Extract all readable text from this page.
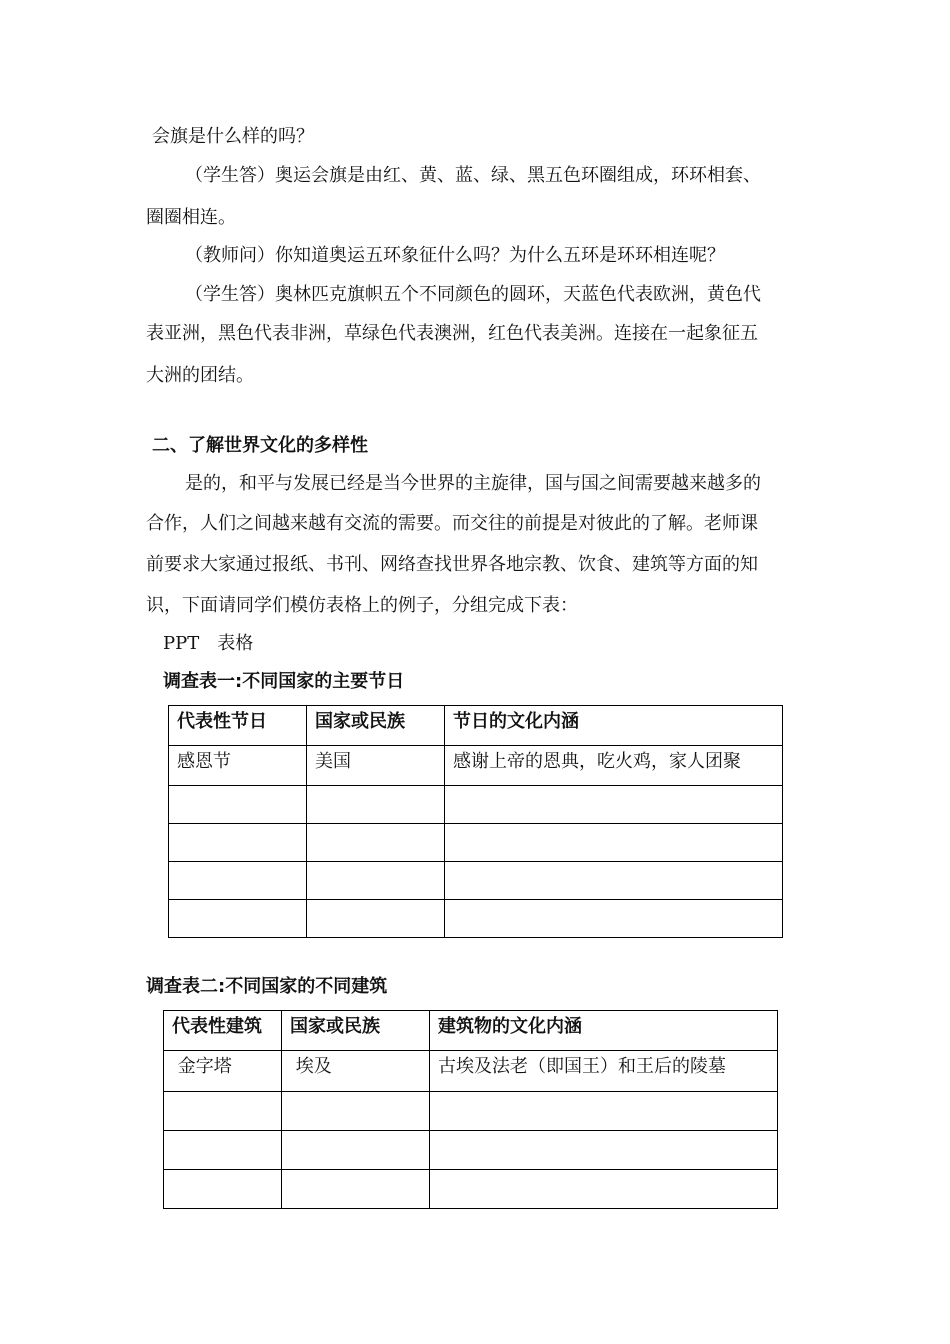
会旗是什么样的吗？
（学生答）奥运会旗是由红、黄、蓝、绿、黑五色环圈组成，环环相套、
圈圈相连。
（教师问）你知道奥运五环象征什么吗？为什么五环是环环相连呢？
（学生答）奥林匹克旗帜五个不同颜色的圆环，天蓝色代表欧洲，黄色代
表亚洲，黑色代表非洲，草绿色代表澳洲，红色代表美洲。连接在一起象征五
大洲的团结。
二、了解世界文化的多样性
是的，和平与发展已经是当今世界的主旋律，国与国之间需要越来越多的
合作，人们之间越来越有交流的需要。而交往的前提是对彼此的了解。老师课
前要求大家通过报纸、书刊、网络查找世界各地宗教、饮食、建筑等方面的知
识，下面请同学们模仿表格上的例子，分组完成下表：
PPT　表格
调查表一:不同国家的主要节日
代表性节日	国家或民族	节日的文化内涵
感恩节	美国	感谢上帝的恩典，吃火鸡，家人团聚

调查表二:不同国家的不同建筑
代表性建筑	国家或民族	建筑物的文化内涵
金字塔	埃及	古埃及法老（即国王）和王后的陵墓
